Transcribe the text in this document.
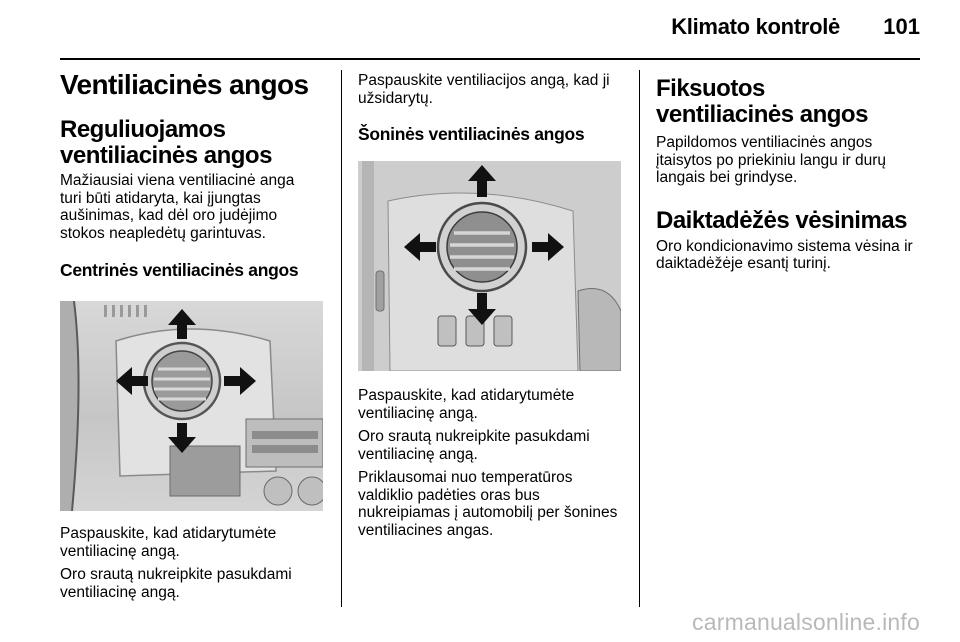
Klimato kontrolė 101
Ventiliacinės angos
Reguliuojamos ventiliacinės angos

Mažiausiai viena ventiliacinė anga turi būti atidaryta, kai įjungtas aušinimas, kad dėl oro judėjimo stokos neapledėtų garintuvas.

Centrinės ventiliacinės angos

Paspauskite, kad atidarytumėte ventiliacinę angą.

Oro srautą nukreipkite pasukdami ventiliacinę angą.

Paspauskite ventiliacijos angą, kad ji užsidarytų.

Šoninės ventiliacinės angos

Paspauskite, kad atidarytumėte ventiliacinę angą.

Oro srautą nukreipkite pasukdami ventiliacinę angą.

Priklausomai nuo temperatūros valdiklio padėties oras bus nukreipiamas į automobilį per šonines ventiliacines angas.

Fiksuotos ventiliacinės angos

Papildomos ventiliacinės angos įtaisytos po priekiniu langu ir durų langais bei grindyse.

Daiktadėžės vėsinimas

Oro kondicionavimo sistema vėsina ir daiktadėžėje esantį turinį.

carmanualsonline.info
